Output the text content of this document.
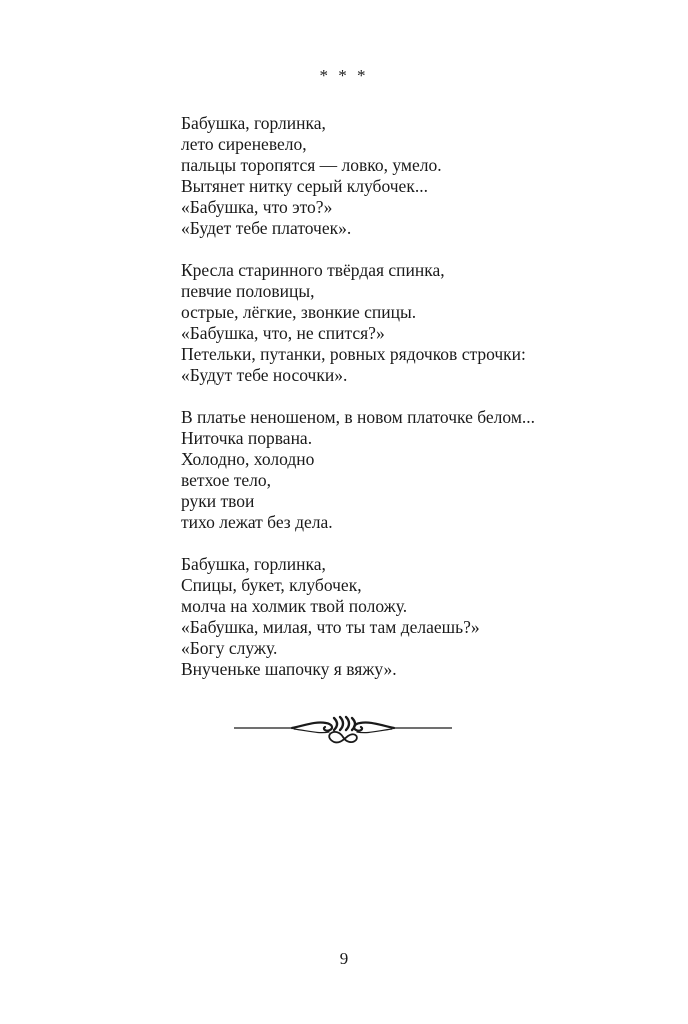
* * *
Бабушка, горлинка,
лето сиреневело,
пальцы торопятся — ловко, умело.
Вытянет нитку серый клубочек...
«Бабушка, что это?»
«Будет тебе платочек».
Кресла старинного твёрдая спинка,
певчие половицы,
острые, лёгкие, звонкие спицы.
«Бабушка, что, не спится?»
Петельки, путанки, ровных рядочков строчки:
«Будут тебе носочки».
В платье неношеном, в новом платочке белом...
Ниточка порвана.
Холодно, холодно
ветхое тело,
руки твои
тихо лежат без дела.
Бабушка, горлинка,
Спицы, букет, клубочек,
молча на холмик твой положу.
«Бабушка, милая, что ты там делаешь?»
«Богу служу.
Внученьке шапочку я вяжу».
9
